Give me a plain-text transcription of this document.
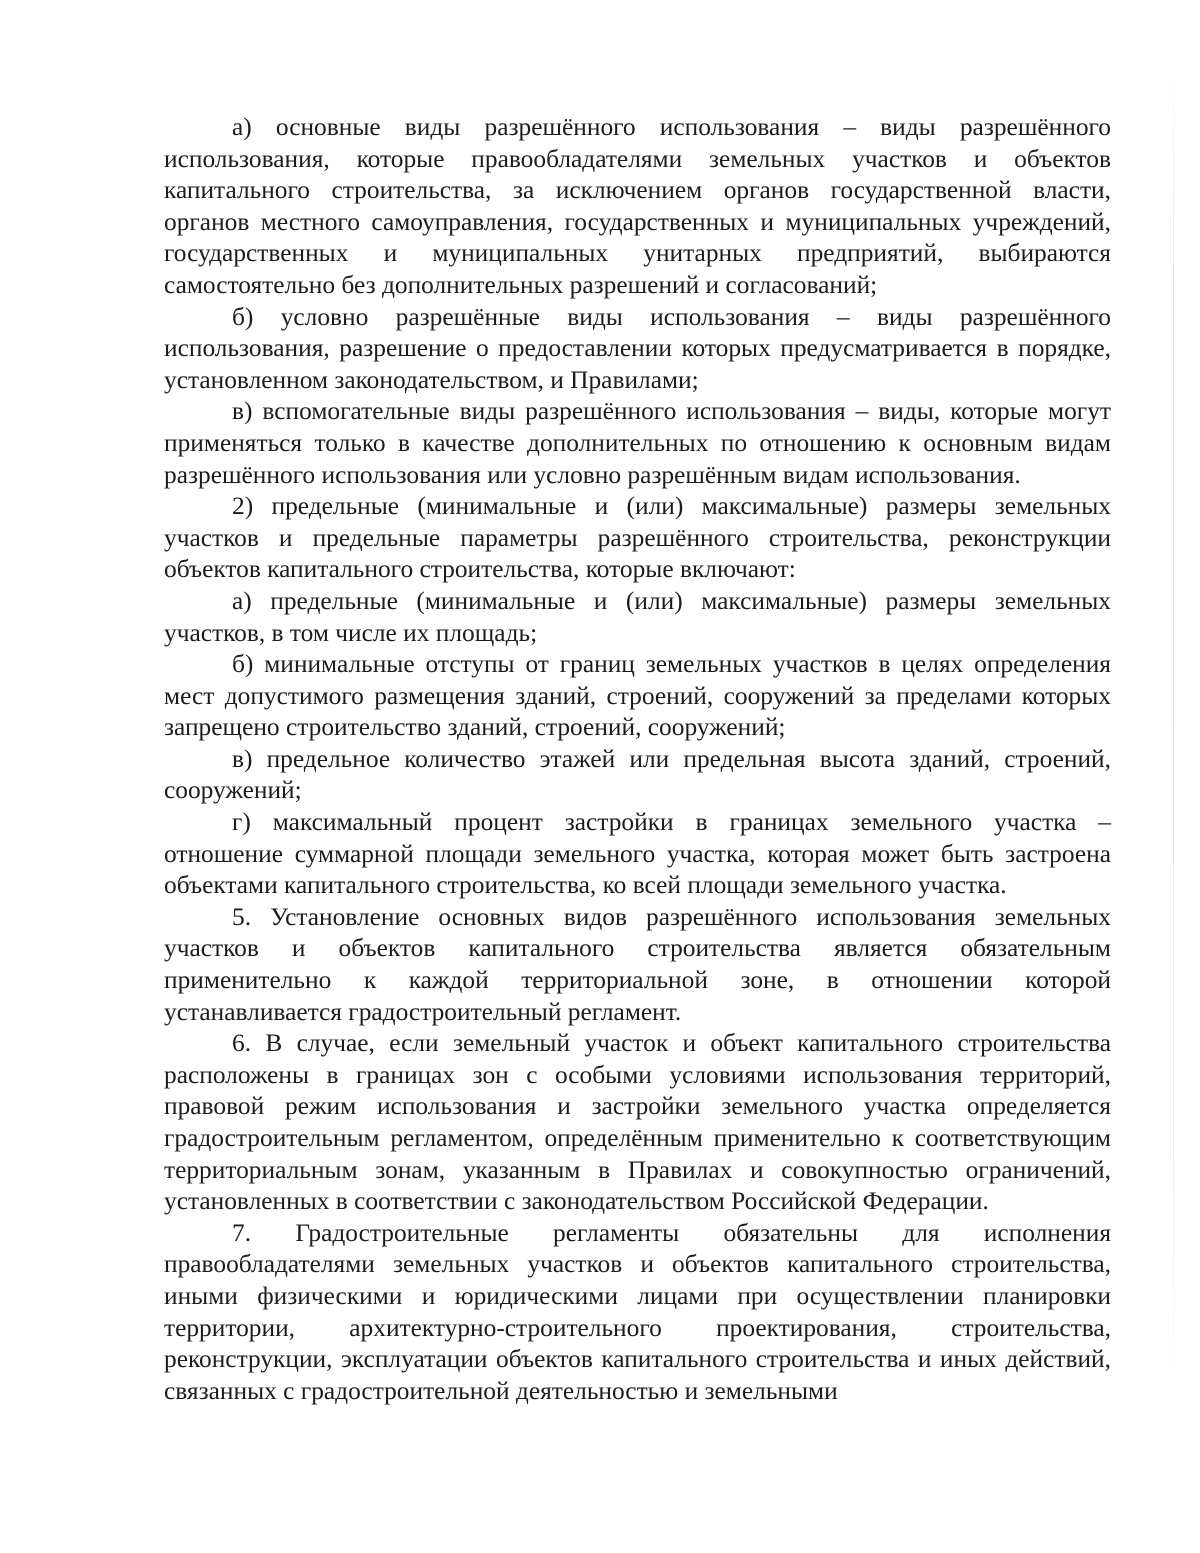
а) основные виды разрешённого использования – виды разрешённого использования, которые правообладателями земельных участков и объектов капитального строительства, за исключением органов государственной власти, органов местного самоуправления, государственных и муниципальных учреждений, государственных и муниципальных унитарных предприятий, выбираются самостоятельно без дополнительных разрешений и согласований;

б) условно разрешённые виды использования – виды разрешённого использования, разрешение о предоставлении которых предусматривается в порядке, установленном законодательством, и Правилами;

в) вспомогательные виды разрешённого использования – виды, которые могут применяться только в качестве дополнительных по отношению к основным видам разрешённого использования или условно разрешённым видам использования.

2) предельные (минимальные и (или) максимальные) размеры земельных участков и предельные параметры разрешённого строительства, реконструкции объектов капитального строительства, которые включают:

а) предельные (минимальные и (или) максимальные) размеры земельных участков, в том числе их площадь;

б) минимальные отступы от границ земельных участков в целях определения мест допустимого размещения зданий, строений, сооружений за пределами которых запрещено строительство зданий, строений, сооружений;

в) предельное количество этажей или предельная высота зданий, строений, сооружений;

г) максимальный процент застройки в границах земельного участка – отношение суммарной площади земельного участка, которая может быть застроена объектами капитального строительства, ко всей площади земельного участка.

5. Установление основных видов разрешённого использования земельных участков и объектов капитального строительства является обязательным применительно к каждой территориальной зоне, в отношении которой устанавливается градостроительный регламент.

6. В случае, если земельный участок и объект капитального строительства расположены в границах зон с особыми условиями использования территорий, правовой режим использования и застройки земельного участка определяется градостроительным регламентом, определённым применительно к соответствующим территориальным зонам, указанным в Правилах и совокупностью ограничений, установленных в соответствии с законодательством Российской Федерации.

7. Градостроительные регламенты обязательны для исполнения правообладателями земельных участков и объектов капитального строительства, иными физическими и юридическими лицами при осуществлении планировки территории, архитектурно-строительного проектирования, строительства, реконструкции, эксплуатации объектов капитального строительства и иных действий, связанных с градостроительной деятельностью и земельными
